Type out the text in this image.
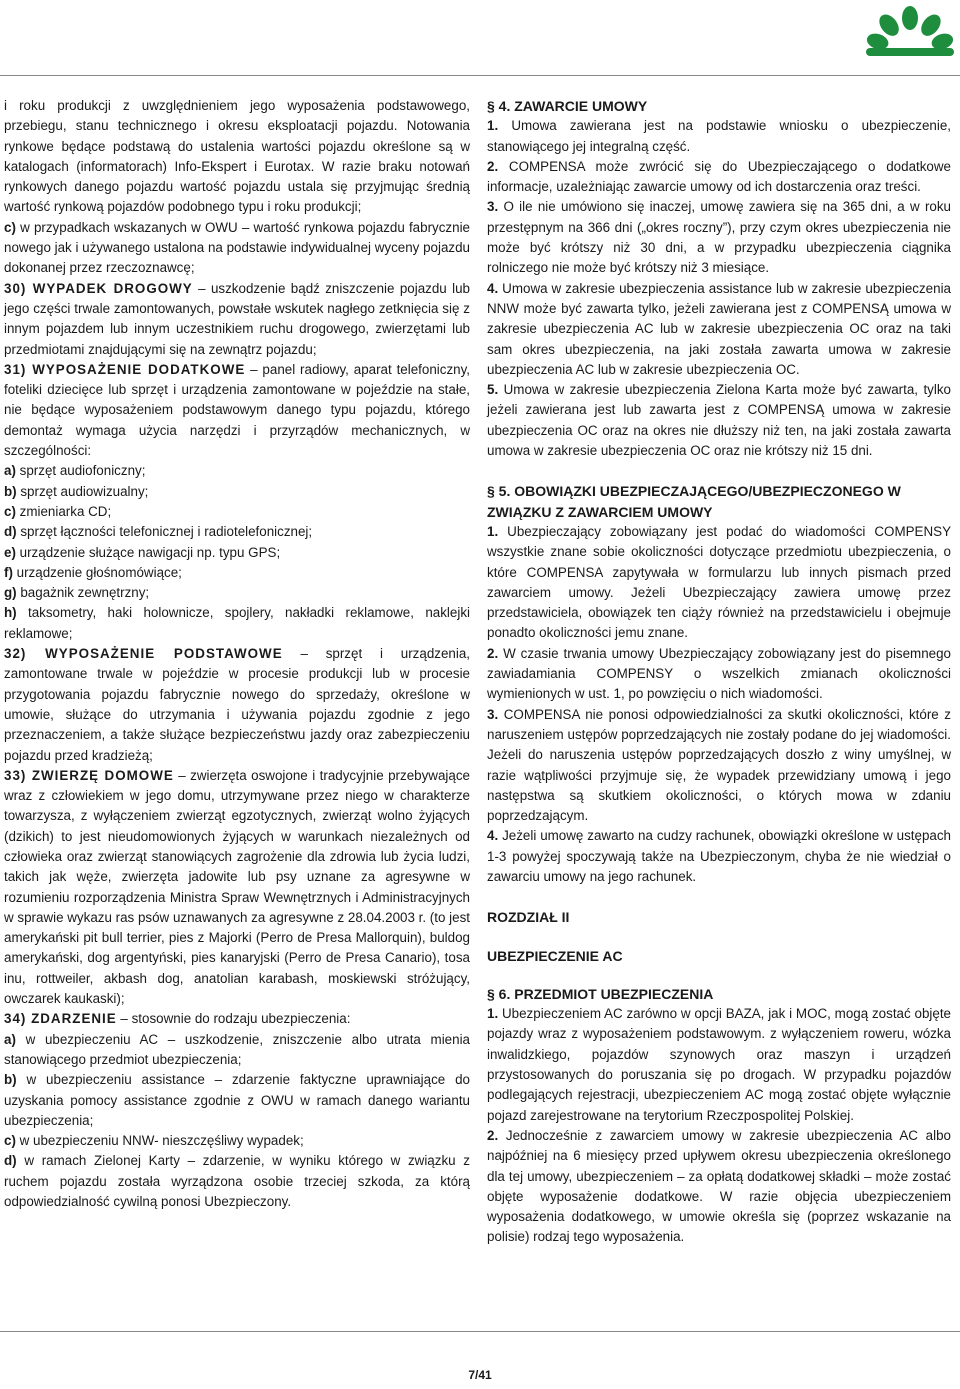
i roku produkcji z uwzględnieniem jego wyposażenia podstawowego, przebiegu, stanu technicznego i okresu eksploatacji pojazdu. Notowania rynkowe będące podstawą do ustalenia wartości pojazdu określone są w katalogach (informatorach) Info-Ekspert i Eurotax. W razie braku notowań rynkowych danego pojazdu wartość pojazdu ustala się przyjmując średnią wartość rynkową pojazdów podobnego typu i roku produkcji;

c) w przypadkach wskazanych w OWU – wartość rynkowa pojazdu fabrycznie nowego jak i używanego ustalona na podstawie indywidualnej wyceny pojazdu dokonanej przez rzeczoznawcę;

30) WYPADEK DROGOWY – uszkodzenie bądź zniszczenie pojazdu lub jego części trwale zamontowanych, powstałe wskutek nagłego zetknięcia się z innym pojazdem lub innym uczestnikiem ruchu drogowego, zwierzętami lub przedmiotami znajdującymi się na zewnątrz pojazdu;

31) WYPOSAŻENIE DODATKOWE – panel radiowy, aparat telefoniczny, foteliki dziecięce lub sprzęt i urządzenia zamontowane w pojeździe na stałe, nie będące wyposażeniem podstawowym danego typu pojazdu, którego demontaż wymaga użycia narzędzi i przyrządów mechanicznych, w szczególności:

a) sprzęt audiofoniczny;

b) sprzęt audiowizualny;

c) zmieniarka CD;

d) sprzęt łączności telefonicznej i radiotelefonicznej;

e) urządzenie służące nawigacji np. typu GPS;

f) urządzenie głośnomówiące;

g) bagażnik zewnętrzny;

h) taksometry, haki holownicze, spojlery, nakładki reklamowe, naklejki reklamowe;

32) WYPOSAŻENIE PODSTAWOWE – sprzęt i urządzenia, zamontowane trwale w pojeździe w procesie produkcji lub w procesie przygotowania pojazdu fabrycznie nowego do sprzedaży, określone w umowie, służące do utrzymania i używania pojazdu zgodnie z jego przeznaczeniem, a także służące bezpieczeństwu jazdy oraz zabezpieczeniu pojazdu przed kradzieżą;

33) ZWIERZĘ DOMOWE – zwierzęta oswojone i tradycyjnie przebywające wraz z człowiekiem w jego domu, utrzymywane przez niego w charakterze towarzysza, z wyłączeniem zwierząt egzotycznych, zwierząt wolno żyjących (dzikich) to jest nieudomowionych żyjących w warunkach niezależnych od człowieka oraz zwierząt stanowiących zagrożenie dla zdrowia lub życia ludzi, takich jak węże, zwierzęta jadowite lub psy uznane za agresywne w rozumieniu rozporządzenia Ministra Spraw Wewnętrznych i Administracyjnych w sprawie wykazu ras psów uznawanych za agresywne z 28.04.2003 r. (to jest amerykański pit bull terrier, pies z Majorki (Perro de Presa Mallorquin), buldog amerykański, dog argentyński, pies kanaryjski (Perro de Presa Canario), tosa inu, rottweiler, akbash dog, anatolian karabash, moskiewski stróżujący, owczarek kaukaski);

34) ZDARZENIE – stosownie do rodzaju ubezpieczenia:

a) w ubezpieczeniu AC – uszkodzenie, zniszczenie albo utrata mienia stanowiącego przedmiot ubezpieczenia;

b) w ubezpieczeniu assistance – zdarzenie faktyczne uprawniające do uzyskania pomocy assistance zgodnie z OWU w ramach danego wariantu ubezpieczenia;

c) w ubezpieczeniu NNW- nieszczęśliwy wypadek;

d) w ramach Zielonej Karty – zdarzenie, w wyniku którego w związku z ruchem pojazdu została wyrządzona osobie trzeciej szkoda, za którą odpowiedzialność cywilną ponosi Ubezpieczony.

§ 4. ZAWARCIE UMOWY

1. Umowa zawierana jest na podstawie wniosku o ubezpieczenie, stanowiącego jej integralną część.

2. COMPENSA może zwrócić się do Ubezpieczającego o dodatkowe informacje, uzależniając zawarcie umowy od ich dostarczenia oraz treści.

3. O ile nie umówiono się inaczej, umowę zawiera się na 365 dni, a w roku przestępnym na 366 dni („okres roczny”), przy czym okres ubezpieczenia nie może być krótszy niż 30 dni, a w przypadku ubezpieczenia ciągnika rolniczego nie może być krótszy niż 3 miesiące.

4. Umowa w zakresie ubezpieczenia assistance lub w zakresie ubezpieczenia NNW może być zawarta tylko, jeżeli zawierana jest z COMPENSĄ umowa w zakresie ubezpieczenia AC lub w zakresie ubezpieczenia OC oraz na taki sam okres ubezpieczenia, na jaki została zawarta umowa w zakresie ubezpieczenia AC lub w zakresie ubezpieczenia OC.

5. Umowa w zakresie ubezpieczenia Zielona Karta może być zawarta, tylko jeżeli zawierana jest lub zawarta jest z COMPENSĄ umowa w zakresie ubezpieczenia OC oraz na okres nie dłuższy niż ten, na jaki została zawarta umowa w zakresie ubezpieczenia OC oraz nie krótszy niż 15 dni.

§ 5. OBOWIĄZKI UBEZPIECZAJĄCEGO/UBEZPIECZONEGO W ZWIĄZKU Z ZAWARCIEM UMOWY

1. Ubezpieczający zobowiązany jest podać do wiadomości COMPENSY wszystkie znane sobie okoliczności dotyczące przedmiotu ubezpieczenia, o które COMPENSA zapytywała w formularzu lub innych pismach przed zawarciem umowy. Jeżeli Ubezpieczający zawiera umowę przez przedstawiciela, obowiązek ten ciąży również na przedstawicielu i obejmuje ponadto okoliczności jemu znane.

2. W czasie trwania umowy Ubezpieczający zobowiązany jest do pisemnego zawiadamiania COMPENSY o wszelkich zmianach okoliczności wymienionych w ust. 1, po powzięciu o nich wiadomości.

3. COMPENSA nie ponosi odpowiedzialności za skutki okoliczności, które z naruszeniem ustępów poprzedzających nie zostały podane do jej wiadomości. Jeżeli do naruszenia ustępów poprzedzających doszło z winy umyślnej, w razie wątpliwości przyjmuje się, że wypadek przewidziany umową i jego następstwa są skutkiem okoliczności, o których mowa w zdaniu poprzedzającym.

4. Jeżeli umowę zawarto na cudzy rachunek, obowiązki określone w ustępach 1-3 powyżej spoczywają także na Ubezpieczonym, chyba że nie wiedział o zawarciu umowy na jego rachunek.

ROZDZIAŁ II
UBEZPIECZENIE AC
§ 6. PRZEDMIOT UBEZPIECZENIA

1. Ubezpieczeniem AC zarówno w opcji BAZA, jak i MOC, mogą zostać objęte pojazdy wraz z wyposażeniem podstawowym. z wyłączeniem roweru, wózka inwalidzkiego, pojazdów szynowych oraz maszyn i urządzeń przystosowanych do poruszania się po drogach. W przypadku pojazdów podlegających rejestracji, ubezpieczeniem AC mogą zostać objęte wyłącznie pojazd zarejestrowane na terytorium Rzeczpospolitej Polskiej.

2. Jednocześnie z zawarciem umowy w zakresie ubezpieczenia AC albo najpóźniej na 6 miesięcy przed upływem okresu ubezpieczenia określonego dla tej umowy, ubezpieczeniem – za opłatą dodatkowej składki – może zostać objęte wyposażenie dodatkowe. W razie objęcia ubezpieczeniem wyposażenia dodatkowego, w umowie określa się (poprzez wskazanie na polisie) rodzaj tego wyposażenia.

7/41
